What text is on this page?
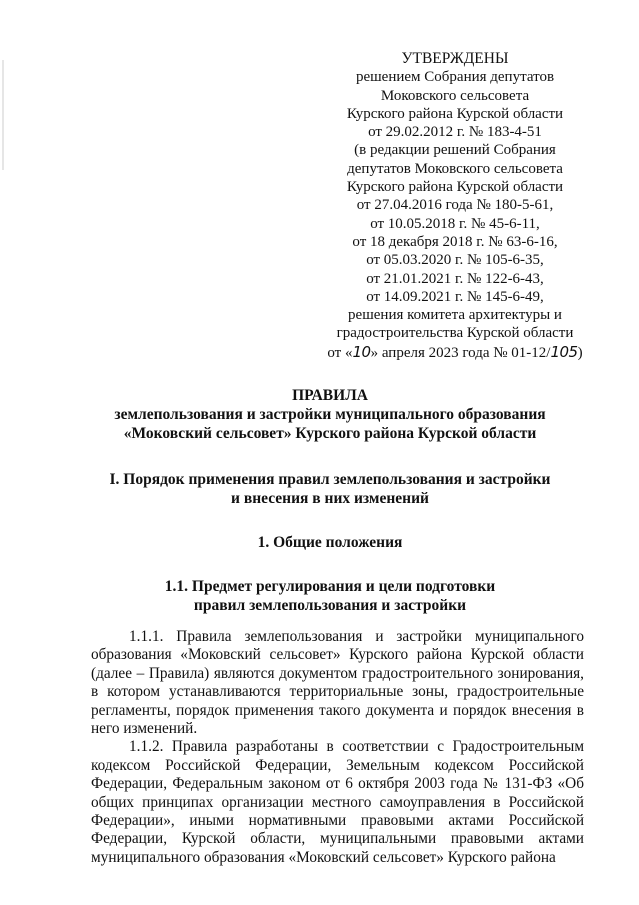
УТВЕРЖДЕНЫ
решением Собрания депутатов
Моковского сельсовета
Курского района Курской области
от 29.02.2012 г. № 183-4-51
(в редакции решений Собрания
депутатов Моковского сельсовета
Курского района Курской области
от 27.04.2016 года № 180-5-61,
от 10.05.2018 г. № 45-6-11,
от 18 декабря 2018 г. № 63-6-16,
от 05.03.2020 г. № 105-6-35,
от 21.01.2021 г. № 122-6-43,
от 14.09.2021 г. № 145-6-49,
решения комитета архитектуры и
градостроительства Курской области
от «10» апреля 2023 года № 01-12/105)
ПРАВИЛА
землепользования и застройки муниципального образования
«Моковский сельсовет» Курского района Курской области
I. Порядок применения правил землепользования и застройки
и внесения в них изменений
1. Общие положения
1.1. Предмет регулирования и цели подготовки
правил землепользования и застройки

1.1.1. Правила землепользования и застройки муниципального образования «Моковский сельсовет» Курского района Курской области (далее – Правила) являются документом градостроительного зонирования, в котором устанавливаются территориальные зоны, градостроительные регламенты, порядок применения такого документа и порядок внесения в него изменений.

1.1.2. Правила разработаны в соответствии с Градостроительным кодексом Российской Федерации, Земельным кодексом Российской Федерации, Федеральным законом от 6 октября 2003 года № 131-ФЗ «Об общих принципах организации местного самоуправления в Российской Федерации», иными нормативными правовыми актами Российской Федерации, Курской области, муниципальными правовыми актами муниципального образования «Моковский сельсовет» Курского района
